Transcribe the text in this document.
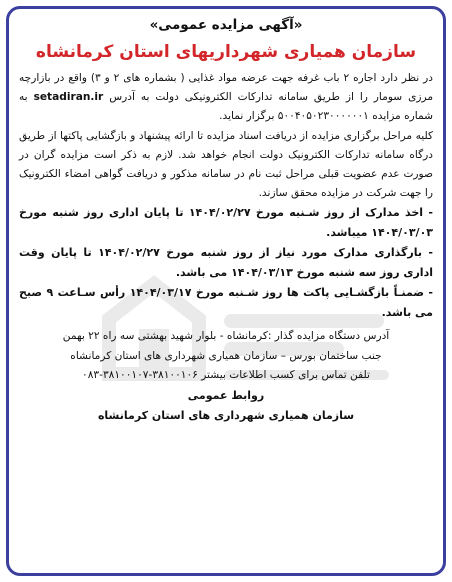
«آگهی مزایده عمومی»

سازمان همیاری شهرداریهای استان کرمانشاه

در نظر دارد اجاره ۲ باب غرفه جهت عرضه مواد غذایی ( بشماره های ۲ و ۳) واقع در بازارچه مرزی سومار را از طریق سامانه تدارکات الکترونیکی دولت به آدرس setadiran.ir به شماره مزایده ۵۰۰۴۰۵۰۲۳۰۰۰۰۰۰۱ برگزار نماید.

کلیه مراحل برگزاری مزایده از دریافت اسناد مزایده تا ارائه پیشنهاد و بازگشایی پاکتها از طریق درگاه سامانه تدارکات الکترونیک دولت انجام خواهد شد. لازم به ذکر است مزایده گران در صورت عدم عضویت قبلی مراحل ثبت نام در سامانه مذکور و دریافت گواهی امضاء الکترونیک را جهت شرکت در مزایده محقق سازند.

- اخذ مدارک از روز شـنبه مورخ ۱۴۰۴/۰۲/۲۷ تا پایان اداری روز شنبه مورخ ۱۴۰۴/۰۳/۰۳ میباشد.

- بارگذاری مدارک مورد نیاز از روز شنبه مورخ ۱۴۰۴/۰۲/۲۷ تا پایان وقت اداری روز سه شنبه مورخ ۱۴۰۴/۰۳/۱۳ می باشد.

- ضمنـاً بازگشـایی پاکت ها روز شـنبه مورخ ۱۴۰۴/۰۳/۱۷ رأس سـاعت ۹ صبح می باشد.

آدرس دستگاه مزایده گذار :کرمانشاه - بلوار شهید بهشتی سه راه ۲۲ بهمن

جنب ساختمان بورس – سازمان همیاری شهرداری های استان کرمانشاه

تلفن تماس برای کسب اطلاعات بیشتر ۳۸۱۰۰۱۰۶-۳۸۱۰۰۱۰۷-۰۸۳

روابط عمومی

سازمان همیاری شهرداری های استان کرمانشاه
